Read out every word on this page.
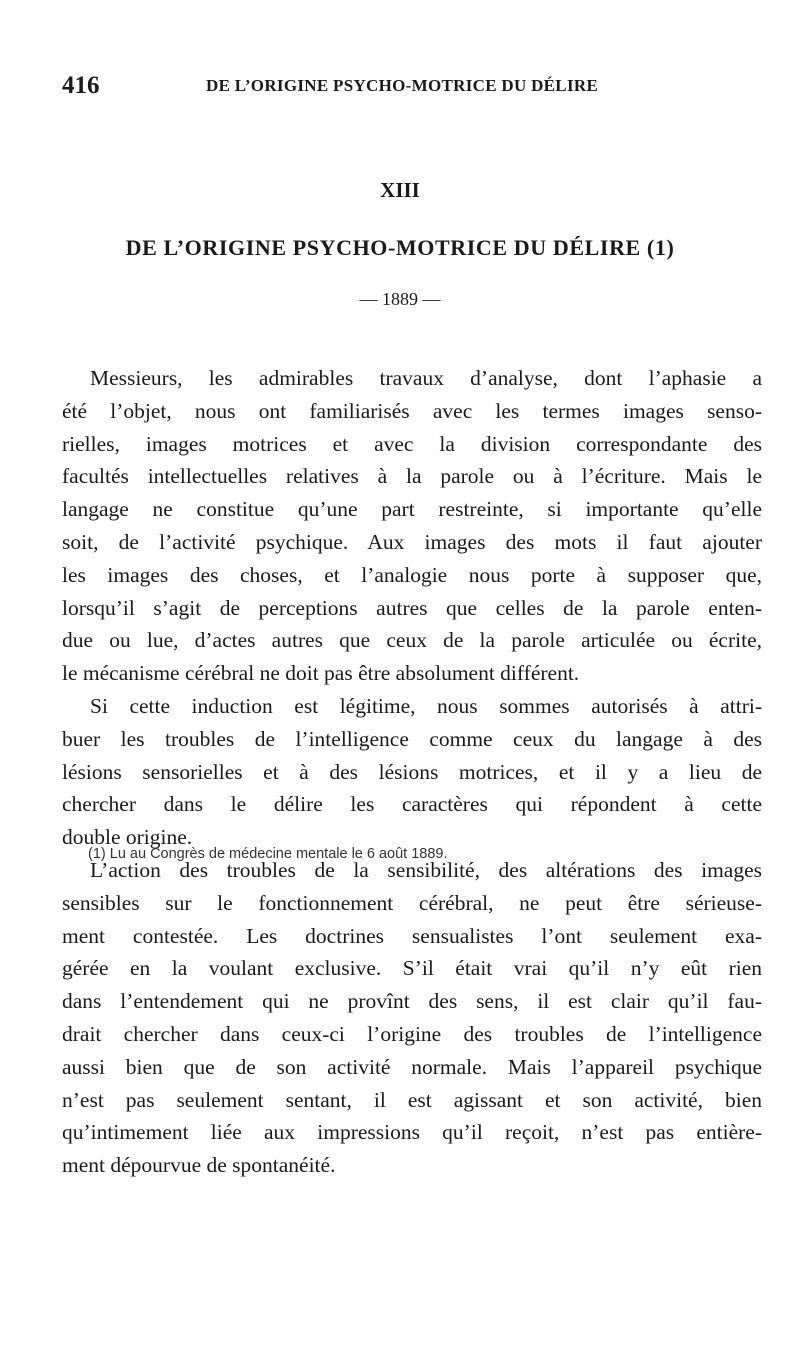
416	DE L’ORIGINE PSYCHO-MOTRICE DU DÉLIRE
XIII
DE L’ORIGINE PSYCHO-MOTRICE DU DÉLIRE (1)
— 1889 —
Messieurs, les admirables travaux d’analyse, dont l’aphasie a
été l’objet, nous ont familiarisés avec les termes images senso-
rielles, images motrices et avec la division correspondante des
facultés intellectuelles relatives à la parole ou à l’écriture. Mais le
langage ne constitue qu’une part restreinte, si importante qu’elle
soit, de l’activité psychique. Aux images des mots il faut ajouter
les images des choses, et l’analogie nous porte à supposer que,
lorsqu’il s’agit de perceptions autres que celles de la parole enten-
due ou lue, d’actes autres que ceux de la parole articulée ou écrite,
le mécanisme cérébral ne doit pas être absolument différent.
Si cette induction est légitime, nous sommes autorisés à attri-
buer les troubles de l’intelligence comme ceux du langage à des
lésions sensorielles et à des lésions motrices, et il y a lieu de
chercher dans le délire les caractères qui répondent à cette
double origine.
L’action des troubles de la sensibilité, des altérations des images
sensibles sur le fonctionnement cérébral, ne peut être sérieuse-
ment contestée. Les doctrines sensualistes l’ont seulement exa-
gérée en la voulant exclusive. S’il était vrai qu’il n’y eût rien
dans l’entendement qui ne provînt des sens, il est clair qu’il fau-
drait chercher dans ceux-ci l’origine des troubles de l’intelligence
aussi bien que de son activité normale. Mais l’appareil psychique
n’est pas seulement sentant, il est agissant et son activité, bien
qu’intimement liée aux impressions qu’il reçoit, n’est pas entière-
ment dépourvue de spontanéité.
(1) Lu au Congrès de médecine mentale le 6 août 1889.
